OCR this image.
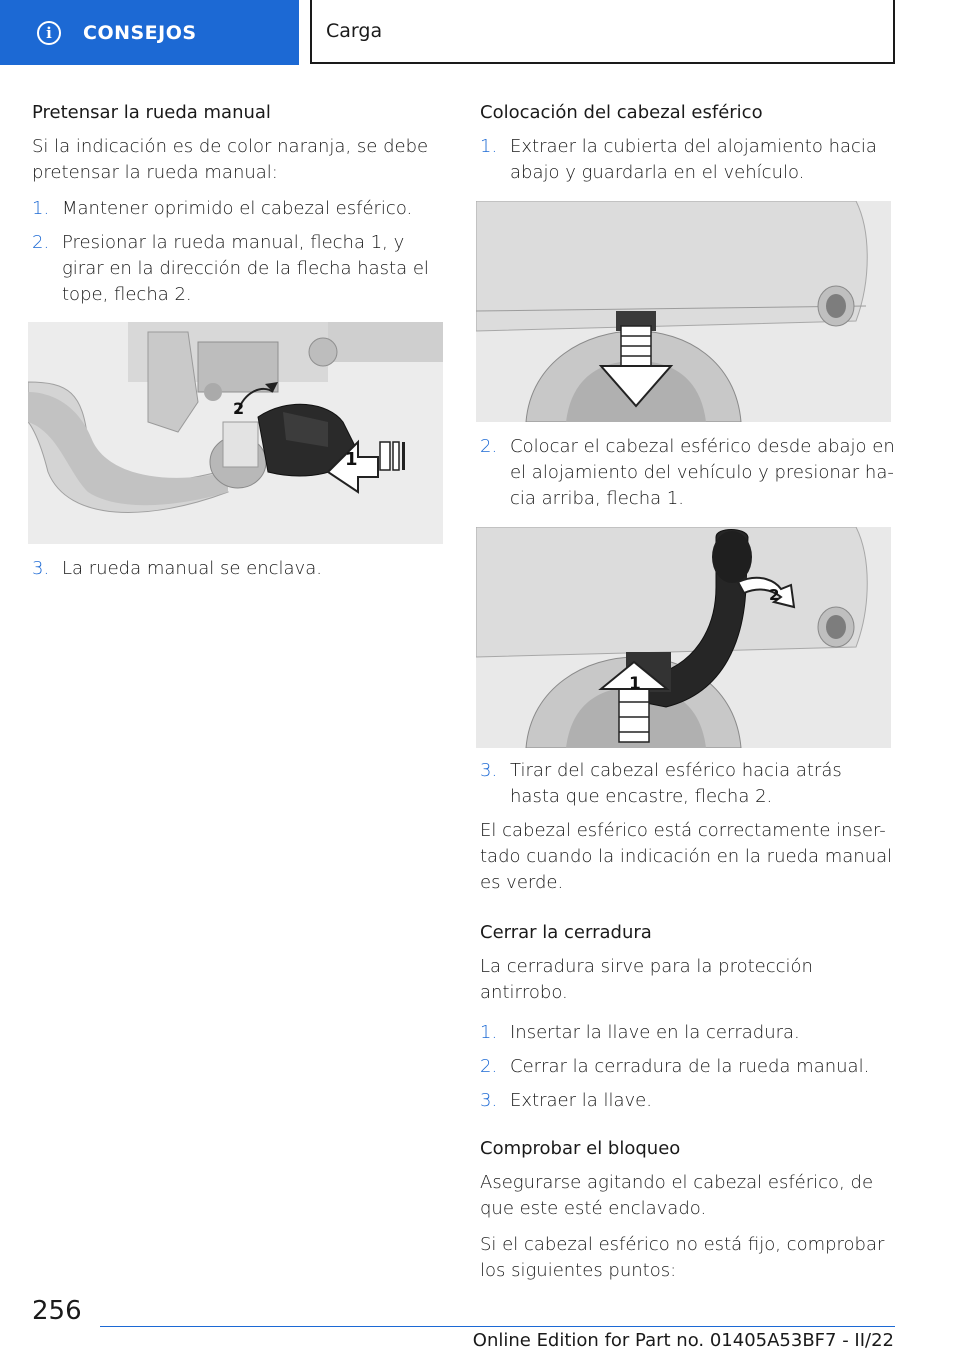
i	CONSEJOS	Carga
Pretensar la rueda manual

Si la indicación es de color naranja, se debe pretensar la rueda manual:

1. Mantener oprimido el cabezal esférico.
2. Presionar la rueda manual, flecha 1, y girar en la dirección de la flecha hasta el tope, flecha 2.
1
2
3. La rueda manual se enclava.
Colocación del cabezal esférico
1. Extraer la cubierta del alojamiento hacia abajo y guardarla en el vehículo.
2. Colocar el cabezal esférico desde abajo en el alojamiento del vehículo y presionar ha-cia arriba, flecha 1.
1
2
3. Tirar del cabezal esférico hacia atrás hasta que encastre, flecha 2.

El cabezal esférico está correctamente inser-tado cuando la indicación en la rueda manual es verde.

Cerrar la cerradura

La cerradura sirve para la protección antirrobo.

1. Insertar la llave en la cerradura.
2. Cerrar la cerradura de la rueda manual.
3. Extraer la llave.
Comprobar el bloqueo

Asegurarse agitando el cabezal esférico, de que este esté enclavado.

Si el cabezal esférico no está fijo, comprobar los siguientes puntos:

256
Online Edition for Part no. 01405A53BF7 - II/22
